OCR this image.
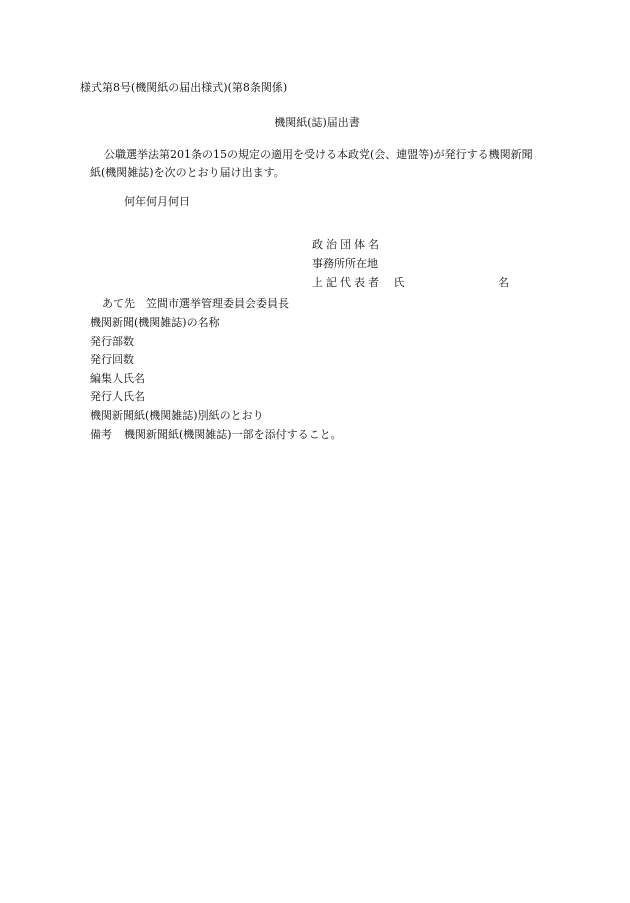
様式第8号(機関紙の届出様式)(第8条関係)
機関紙(誌)届出書
公職選挙法第201条の15の規定の適用を受ける本政党(会、連盟等)が発行する機関新聞
紙(機関雑誌)を次のとおり届け出ます。
何年何月何日
政治団体名
事務所所在地
上記代表者 氏	名
あて先　笠間市選挙管理委員会委員長
機関新聞(機関雑誌)の名称
発行部数
発行回数
編集人氏名
発行人氏名
機関新聞紙(機関雑誌)別紙のとおり
備考 機関新聞紙(機関雑誌)一部を添付すること。
